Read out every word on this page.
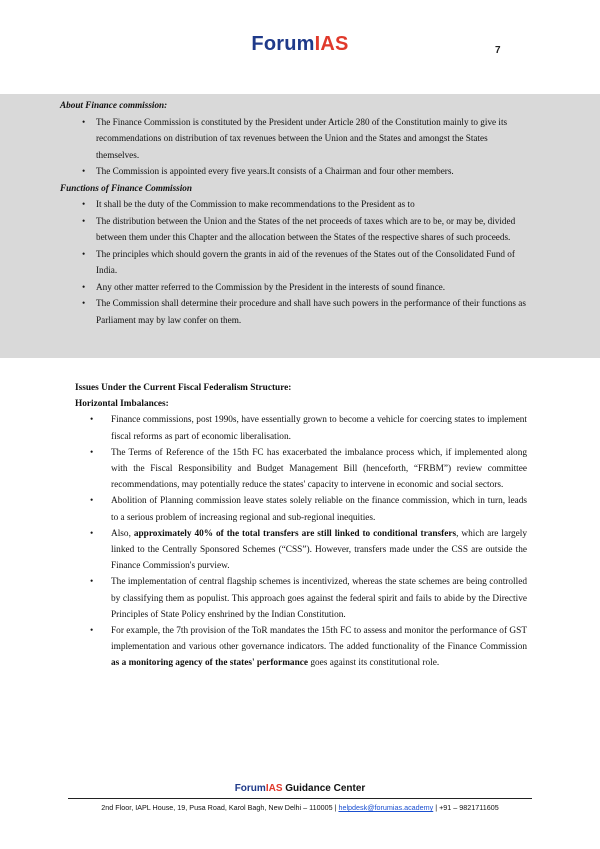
ForumIAS	7
About Finance commission:
• The Finance Commission is constituted by the President under Article 280 of the Constitution mainly to give its recommendations on distribution of tax revenues between the Union and the States and amongst the States themselves.
• The Commission is appointed every five years.It consists of a Chairman and four other members.
Functions of Finance Commission
• It shall be the duty of the Commission to make recommendations to the President as to
• The distribution between the Union and the States of the net proceeds of taxes which are to be, or may be, divided between them under this Chapter and the allocation between the States of the respective shares of such proceeds.
• The principles which should govern the grants in aid of the revenues of the States out of the Consolidated Fund of India.
• Any other matter referred to the Commission by the President in the interests of sound finance.
• The Commission shall determine their procedure and shall have such powers in the performance of their functions as Parliament may by law confer on them.
Issues Under the Current Fiscal Federalism Structure:
Horizontal Imbalances:
• Finance commissions, post 1990s, have essentially grown to become a vehicle for coercing states to implement fiscal reforms as part of economic liberalisation.
• The Terms of Reference of the 15th FC has exacerbated the imbalance process which, if implemented along with the Fiscal Responsibility and Budget Management Bill (henceforth, “FRBM”) review committee recommendations, may potentially reduce the states' capacity to intervene in economic and social sectors.
• Abolition of Planning commission leave states solely reliable on the finance commission, which in turn, leads to a serious problem of increasing regional and sub-regional inequities.
• Also, approximately 40% of the total transfers are still linked to conditional transfers, which are largely linked to the Centrally Sponsored Schemes (“CSS”). However, transfers made under the CSS are outside the Finance Commission's purview.
• The implementation of central flagship schemes is incentivized, whereas the state schemes are being controlled by classifying them as populist. This approach goes against the federal spirit and fails to abide by the Directive Principles of State Policy enshrined by the Indian Constitution.
• For example, the 7th provision of the ToR mandates the 15th FC to assess and monitor the performance of GST implementation and various other governance indicators. The added functionality of the Finance Commission as a monitoring agency of the states' performance goes against its constitutional role.
ForumIAS Guidance Center
2nd Floor, IAPL House, 19, Pusa Road, Karol Bagh, New Delhi – 110005 | helpdesk@forumias.academy | +91 – 9821711605
